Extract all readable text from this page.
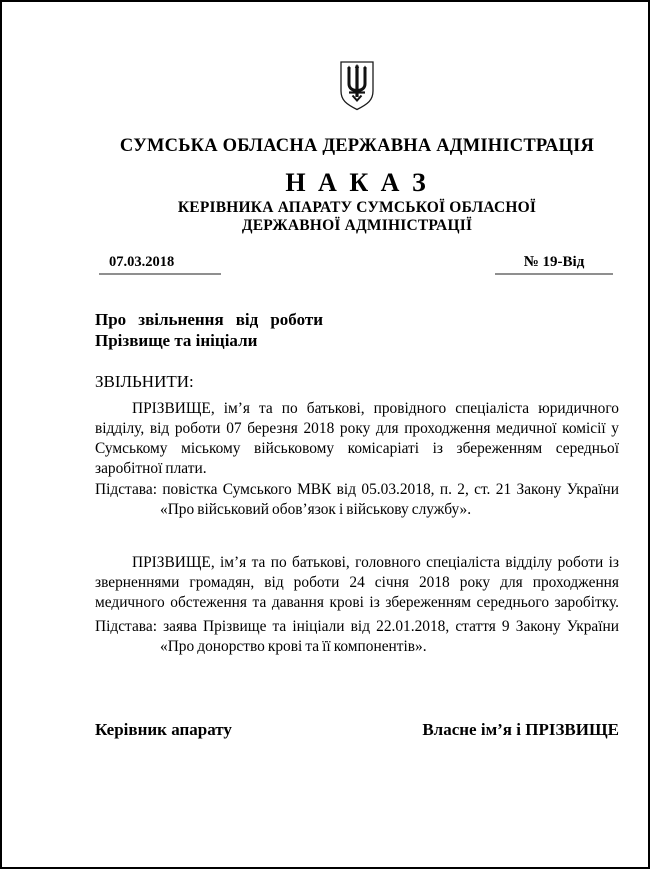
СУМСЬКА ОБЛАСНА ДЕРЖАВНА АДМІНІСТРАЦІЯ
Н А К А З
КЕРІВНИКА АПАРАТУ СУМСЬКОЇ ОБЛАСНОЇ
ДЕРЖАВНОЇ АДМІНІСТРАЦІЇ
07.03.2018	№ 19-Від
Про звільнення від роботи
Прізвище та ініціали
ЗВІЛЬНИТИ:
ПРІЗВИЩЕ, ім’я та по батькові, провідного спеціаліста юридичного
відділу, від роботи 07 березня 2018 року для проходження медичної комісії у
Сумському міському військовому комісаріаті із збереженням середньої
заробітної плати.
Підстава: повістка Сумського МВК від 05.03.2018, п. 2, ст. 21 Закону України
«Про військовий обов’язок і військову службу».
ПРІЗВИЩЕ, ім’я та по батькові, головного спеціаліста відділу роботи із
зверненнями громадян, від роботи 24 січня 2018 року для проходження
медичного обстеження та давання крові із збереженням середнього заробітку.
Підстава: заява Прізвище та ініціали від 22.01.2018, стаття 9 Закону України
«Про донорство крові та її компонентів».
Керівник апарату	Власне ім’я і ПРІЗВИЩЕ
